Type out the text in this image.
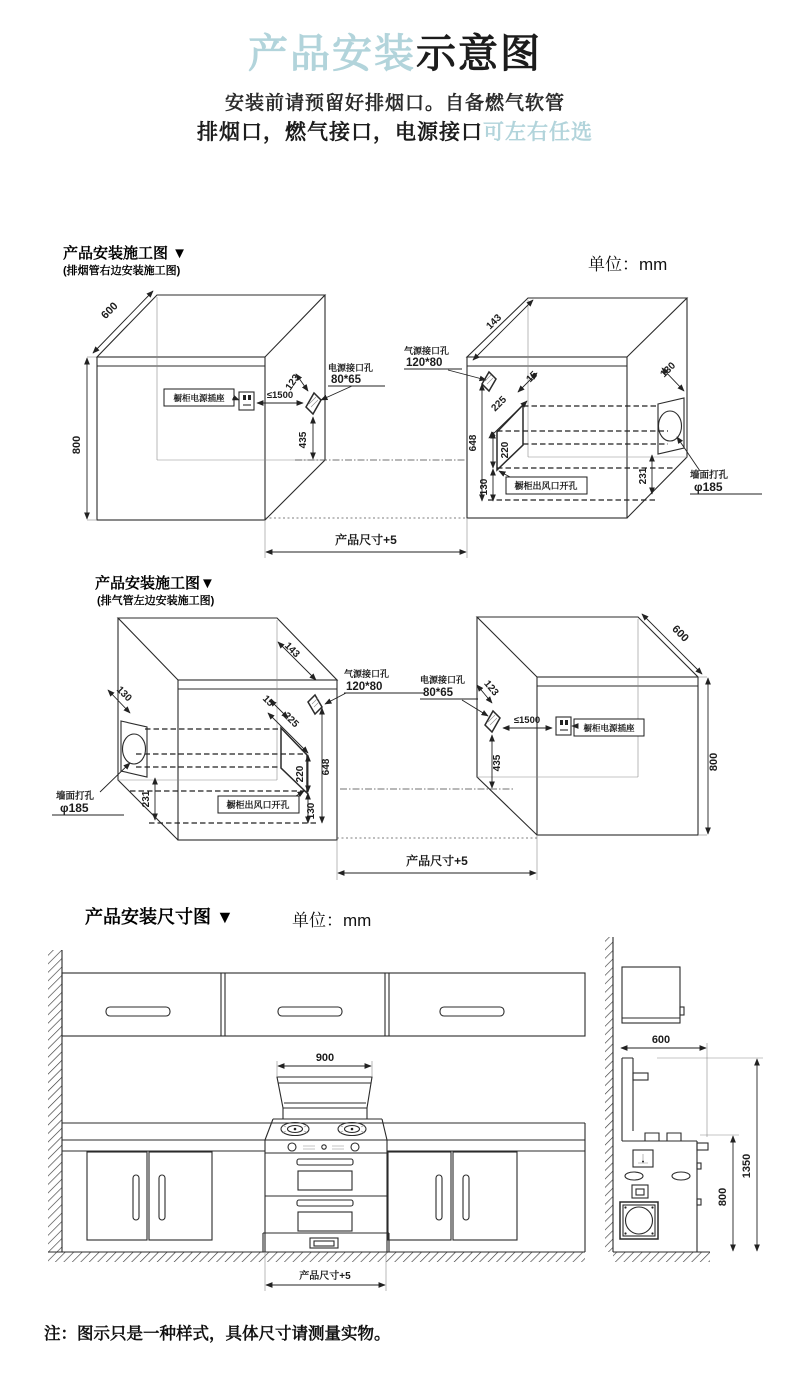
产品安装示意图
安装前请预留好排烟口。自备燃气软管
排烟口，燃气接口，电源接口可左右任选
产品安装施工图 ▼
(排烟管右边安装施工图)	单位：mm
600
800
橱柜电源插座	≤1500
电源接口孔
80*65
123
435
墙面打孔
φ185
130
231
143
气源接口孔
120*80
15
225
648 220
130	橱柜出风口开孔
产品尺寸+5
产品安装施工图▼
(排气管左边安装施工图)
130
231
墙面打孔
φ185
143
气源接口孔
120*80
15
225
648
220
130
橱柜出风口开孔
600
800
电源接口孔
80*65	123
≤1500
橱柜电源插座
435
产品尺寸+5
产品安装尺寸图 ▼	单位：mm
900
产品尺寸+5
600
1350
800
注：图示只是一种样式，具体尺寸请测量实物。
